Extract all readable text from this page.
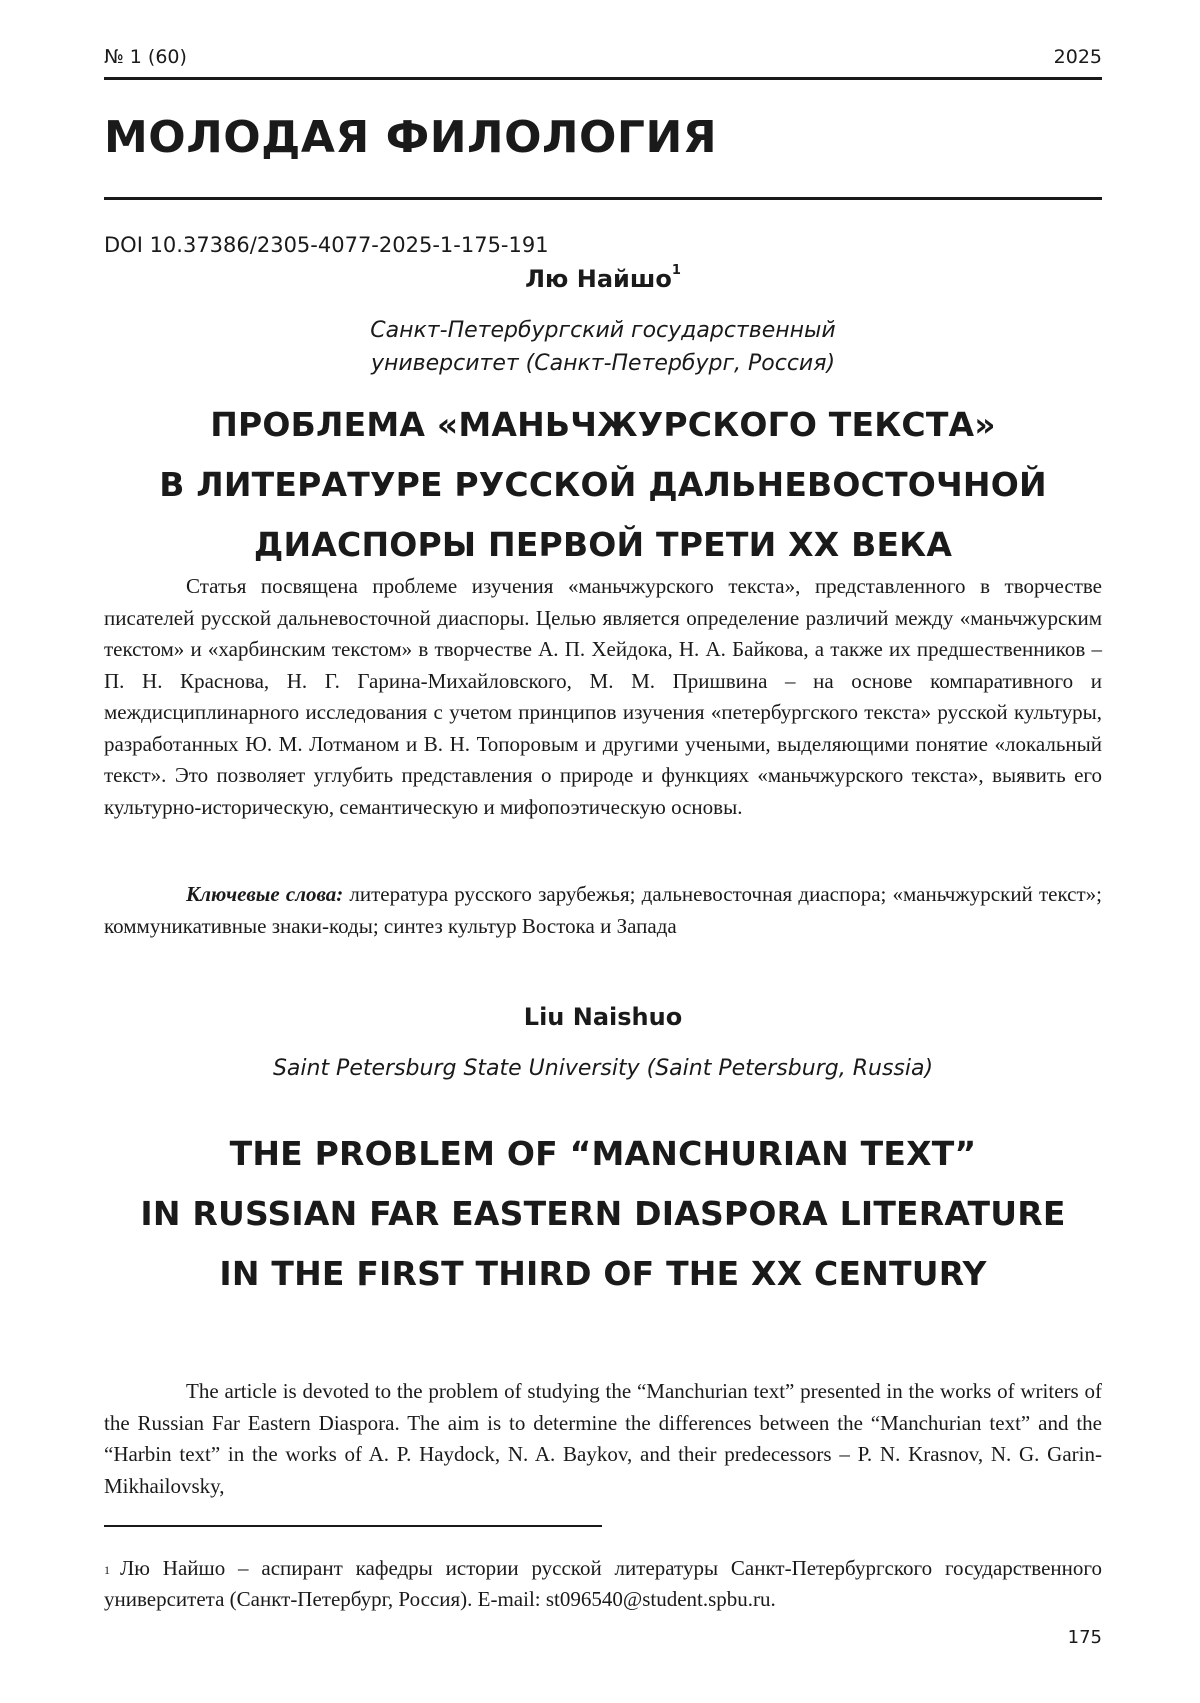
№ 1 (60)	2025
МОЛОДАЯ ФИЛОЛОГИЯ
DOI 10.37386/2305-4077-2025-1-175-191
Лю Найшо$^1$
Санкт-Петербургский государственный
университет (Санкт-Петербург, Россия)
ПРОБЛЕМА «МАНЬЧЖУРСКОГО ТЕКСТА»
В ЛИТЕРАТУРЕ РУССКОЙ ДАЛЬНЕВОСТОЧНОЙ
ДИАСПОРЫ ПЕРВОЙ ТРЕТИ XX ВЕКА

Статья посвящена проблеме изучения «маньчжурского текста», представленного в творчестве писателей русской дальневосточной диаспоры. Целью является определение различий между «маньчжурским текстом» и «харбинским текстом» в творчестве А. П. Хейдока, Н. А. Байкова, а также их предшественников – П. Н. Краснова, Н. Г. Гарина-Михайловского, М. М. Пришвина – на основе компаративного и междисциплинарного исследования с учетом принципов изучения «петербургского текста» русской культуры, разработанных Ю. М. Лотманом и В. Н. Топоровым и другими учеными, выделяющими понятие «локальный текст». Это позволяет углубить представления о природе и функциях «маньчжурского текста», выявить его культурно-историческую, семантическую и мифопоэтическую основы.

Ключевые слова: литература русского зарубежья; дальневосточная диаспора; «маньчжурский текст»; коммуникативные знаки-коды; синтез культур Востока и Запада

Liu Naishuo
Saint Petersburg State University (Saint Petersburg, Russia)
THE PROBLEM OF “MANCHURIAN TEXT”
IN RUSSIAN FAR EASTERN DIASPORA LITERATURE
IN THE FIRST THIRD OF THE XX CENTURY

The article is devoted to the problem of studying the “Manchurian text” presented in the works of writers of the Russian Far Eastern Diaspora. The aim is to determine the differences between the “Manchurian text” and the “Harbin text” in the works of A. P. Haydock, N. A. Baykov, and their predecessors – P. N. Krasnov, N. G. Garin-Mikhailovsky,

$^1$ Лю Найшо – аспирант кафедры истории русской литературы Санкт-Петербургского государственного университета (Санкт-Петербург, Россия). E-mail: st096540@student.spbu.ru.

175
